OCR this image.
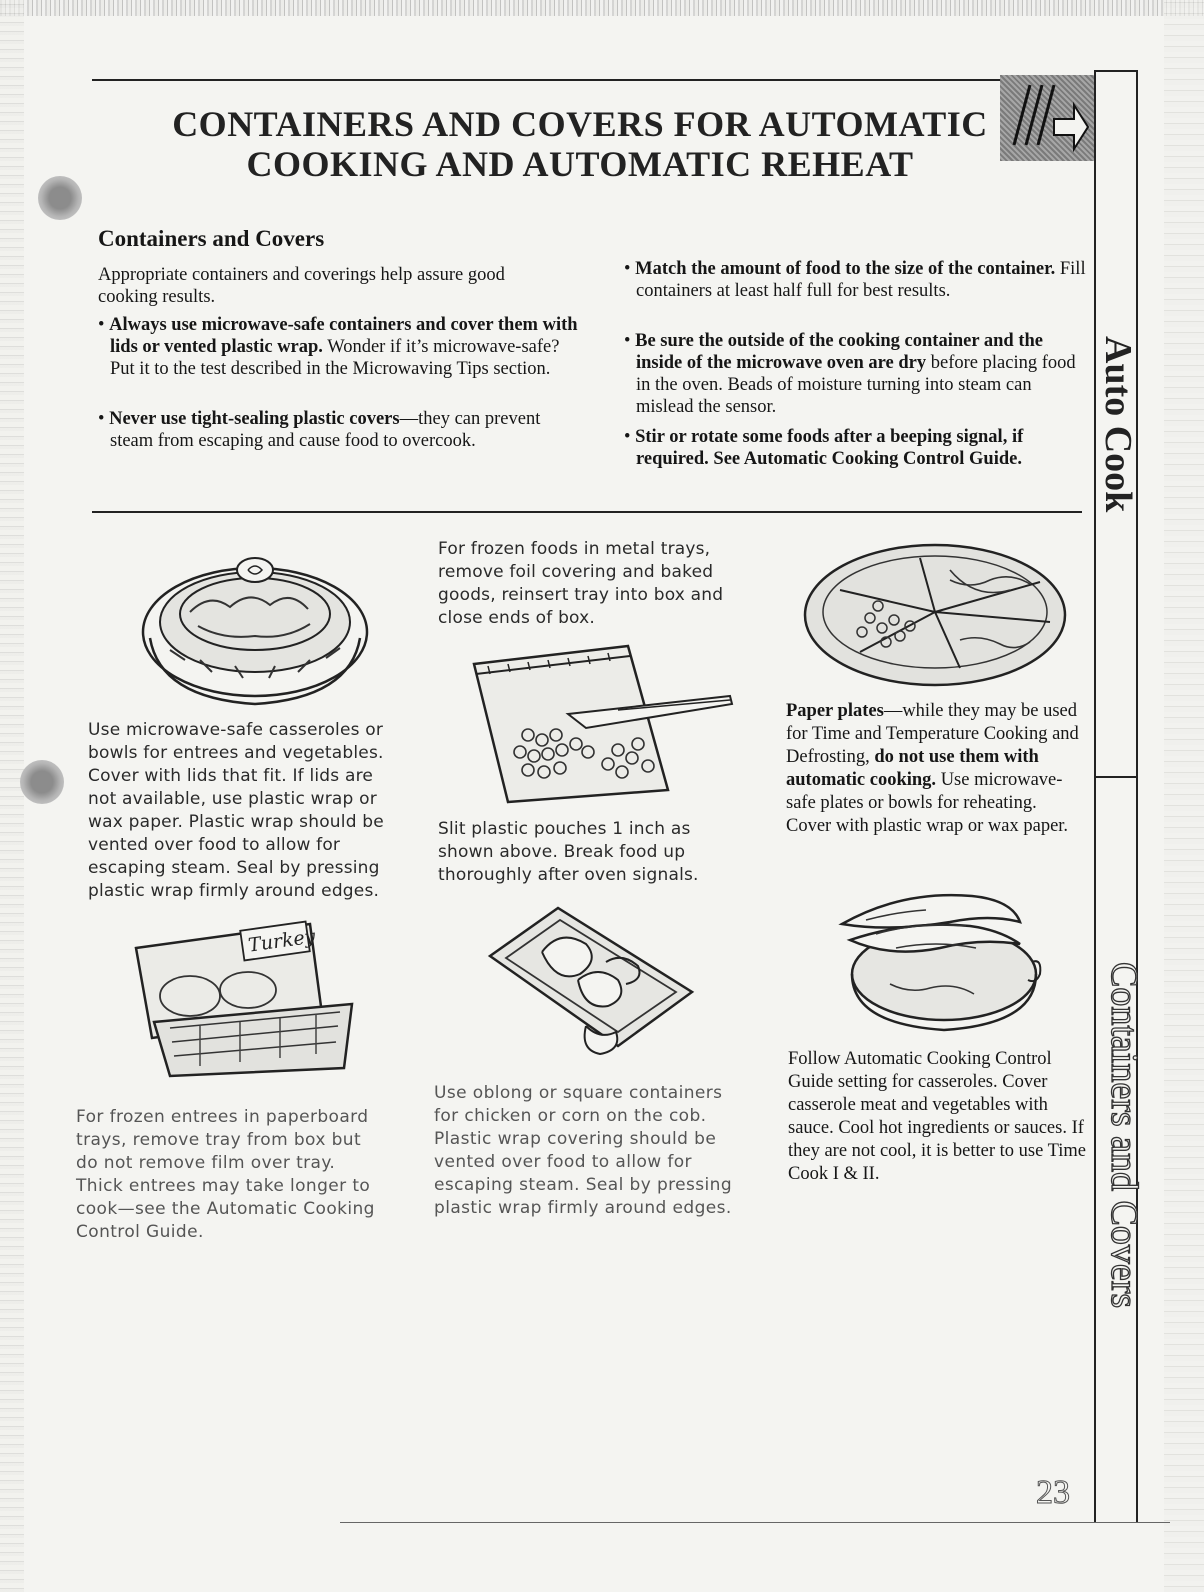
CONTAINERS AND COVERS FOR AUTOMATIC
COOKING AND AUTOMATIC REHEAT
Auto Cook
Containers and Covers
Containers and Covers
Appropriate containers and coverings help assure good cooking results.
• Always use microwave-safe containers and cover them with lids or vented plastic wrap. Wonder if it’s microwave-safe? Put it to the test described in the Microwaving Tips section.
• Never use tight-sealing plastic covers—they can prevent steam from escaping and cause food to overcook.
• Match the amount of food to the size of the container. Fill containers at least half full for best results.
• Be sure the outside of the cooking container and the inside of the microwave oven are dry before placing food in the oven. Beads of moisture turning into steam can mislead the sensor.
• Stir or rotate some foods after a beeping signal, if required. See Automatic Cooking Control Guide.
Turkey
Use microwave-safe casseroles or bowls for entrees and vegetables. Cover with lids that fit. If lids are not available, use plastic wrap or wax paper. Plastic wrap should be vented over food to allow for escaping steam. Seal by pressing plastic wrap firmly around edges.
For frozen foods in metal trays, remove foil covering and baked goods, reinsert tray into box and close ends of box.
Slit plastic pouches 1 inch as shown above. Break food up thoroughly after oven signals.
Paper plates—while they may be used for Time and Temperature Cooking and Defrosting, do not use them with automatic cooking. Use microwave-safe plates or bowls for reheating. Cover with plastic wrap or wax paper.
For frozen entrees in paperboard trays, remove tray from box but do not remove film over tray. Thick entrees may take longer to cook—see the Automatic Cooking Control Guide.
Use oblong or square containers for chicken or corn on the cob. Plastic wrap covering should be vented over food to allow for escaping steam. Seal by pressing plastic wrap firmly around edges.
Follow Automatic Cooking Control Guide setting for casseroles. Cover casserole meat and vegetables with sauce. Cool hot ingredients or sauces. If they are not cool, it is better to use Time Cook I & II.
23
